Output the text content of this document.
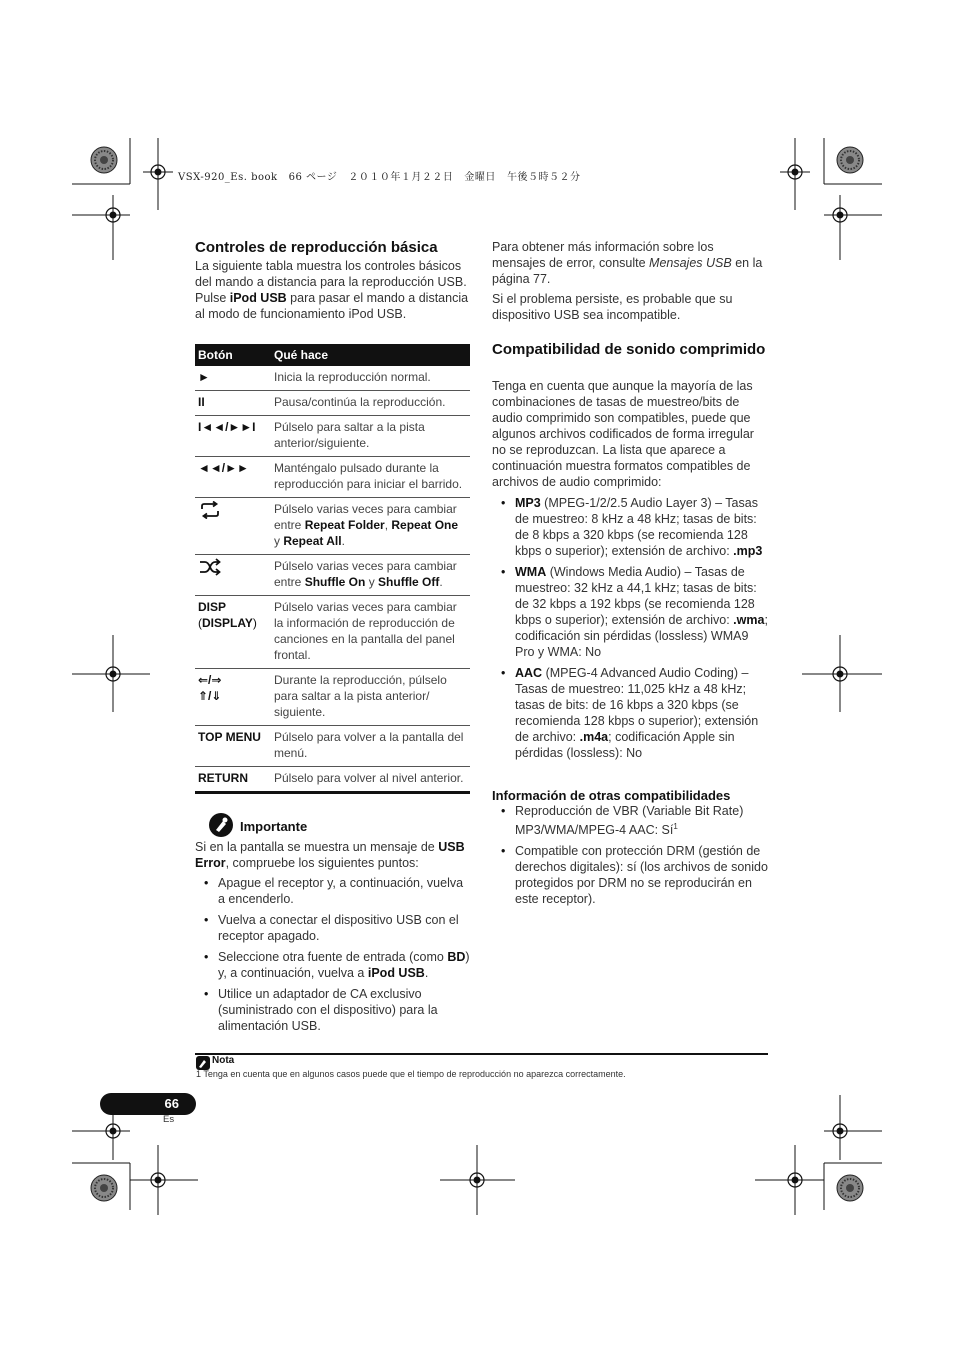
VSX-920_Es. book   66 ページ   ２０１０年１月２２日   金曜日   午後５時５２分
Controles de reproducción básica
La siguiente tabla muestra los controles básicos del mando a distancia para la reproducción USB. Pulse iPod USB para pasar el mando a distancia al modo de funcionamiento iPod USB.
Botón	Qué hace
►	Inicia la reproducción normal.
II	Pausa/continúa la reproducción.
I◄◄/►►I	Púlselo para saltar a la pista anterior/siguiente.
◄◄/►►	Manténgalo pulsado durante la reproducción para iniciar el barrido.
	Púlselo varias veces para cambiar entre Repeat Folder, Repeat One y Repeat All.
	Púlselo varias veces para cambiar entre Shuffle On y Shuffle Off.
DISP
(DISPLAY)	Púlselo varias veces para cambiar la información de reproducción de canciones en la pantalla del panel frontal.
⇐/⇒
⇑/⇓	Durante la reproducción, púlselo para saltar a la pista anterior/ siguiente.
TOP MENU	Púlselo para volver a la pantalla del menú.
RETURN	Púlselo para volver al nivel anterior.
Importante
Si en la pantalla se muestra un mensaje de USB Error, compruebe los siguientes puntos:
• Apague el receptor y, a continuación, vuelva a encenderlo.
• Vuelva a conectar el dispositivo USB con el receptor apagado.
• Seleccione otra fuente de entrada (como BD) y, a continuación, vuelva a iPod USB.
• Utilice un adaptador de CA exclusivo (suministrado con el dispositivo) para la alimentación USB.
Para obtener más información sobre los mensajes de error, consulte Mensajes USB en la página 77.
Si el problema persiste, es probable que su dispositivo USB sea incompatible.
Compatibilidad de sonido comprimido
Tenga en cuenta que aunque la mayoría de las combinaciones de tasas de muestreo/bits de audio comprimido son compatibles, puede que algunos archivos codificados de forma irregular no se reproduzcan. La lista que aparece a continuación muestra formatos compatibles de archivos de audio comprimido:
• MP3 (MPEG-1/2/2.5 Audio Layer 3) – Tasas de muestreo: 8 kHz a 48 kHz; tasas de bits: de 8 kbps a 320 kbps (se recomienda 128 kbps o superior); extensión de archivo: .mp3
• WMA (Windows Media Audio) – Tasas de muestreo: 32 kHz a 44,1 kHz; tasas de bits: de 32 kbps a 192 kbps (se recomienda 128 kbps o superior); extensión de archivo: .wma; codificación sin pérdidas (lossless) WMA9 Pro y WMA: No
• AAC (MPEG-4 Advanced Audio Coding) – Tasas de muestreo: 11,025 kHz a 48 kHz; tasas de bits: de 16 kbps a 320 kbps (se recomienda 128 kbps o superior); extensión de archivo: .m4a; codificación Apple sin pérdidas (lossless): No
Información de otras compatibilidades
• Reproducción de VBR (Variable Bit Rate) MP3/WMA/MPEG-4 AAC: $Sí^1$
• Compatible con protección DRM (gestión de derechos digitales): sí (los archivos de sonido protegidos por DRM no se reproducirán en este receptor).
Nota
1 Tenga en cuenta que en algunos casos puede que el tiempo de reproducción no aparezca correctamente.
66
Es
